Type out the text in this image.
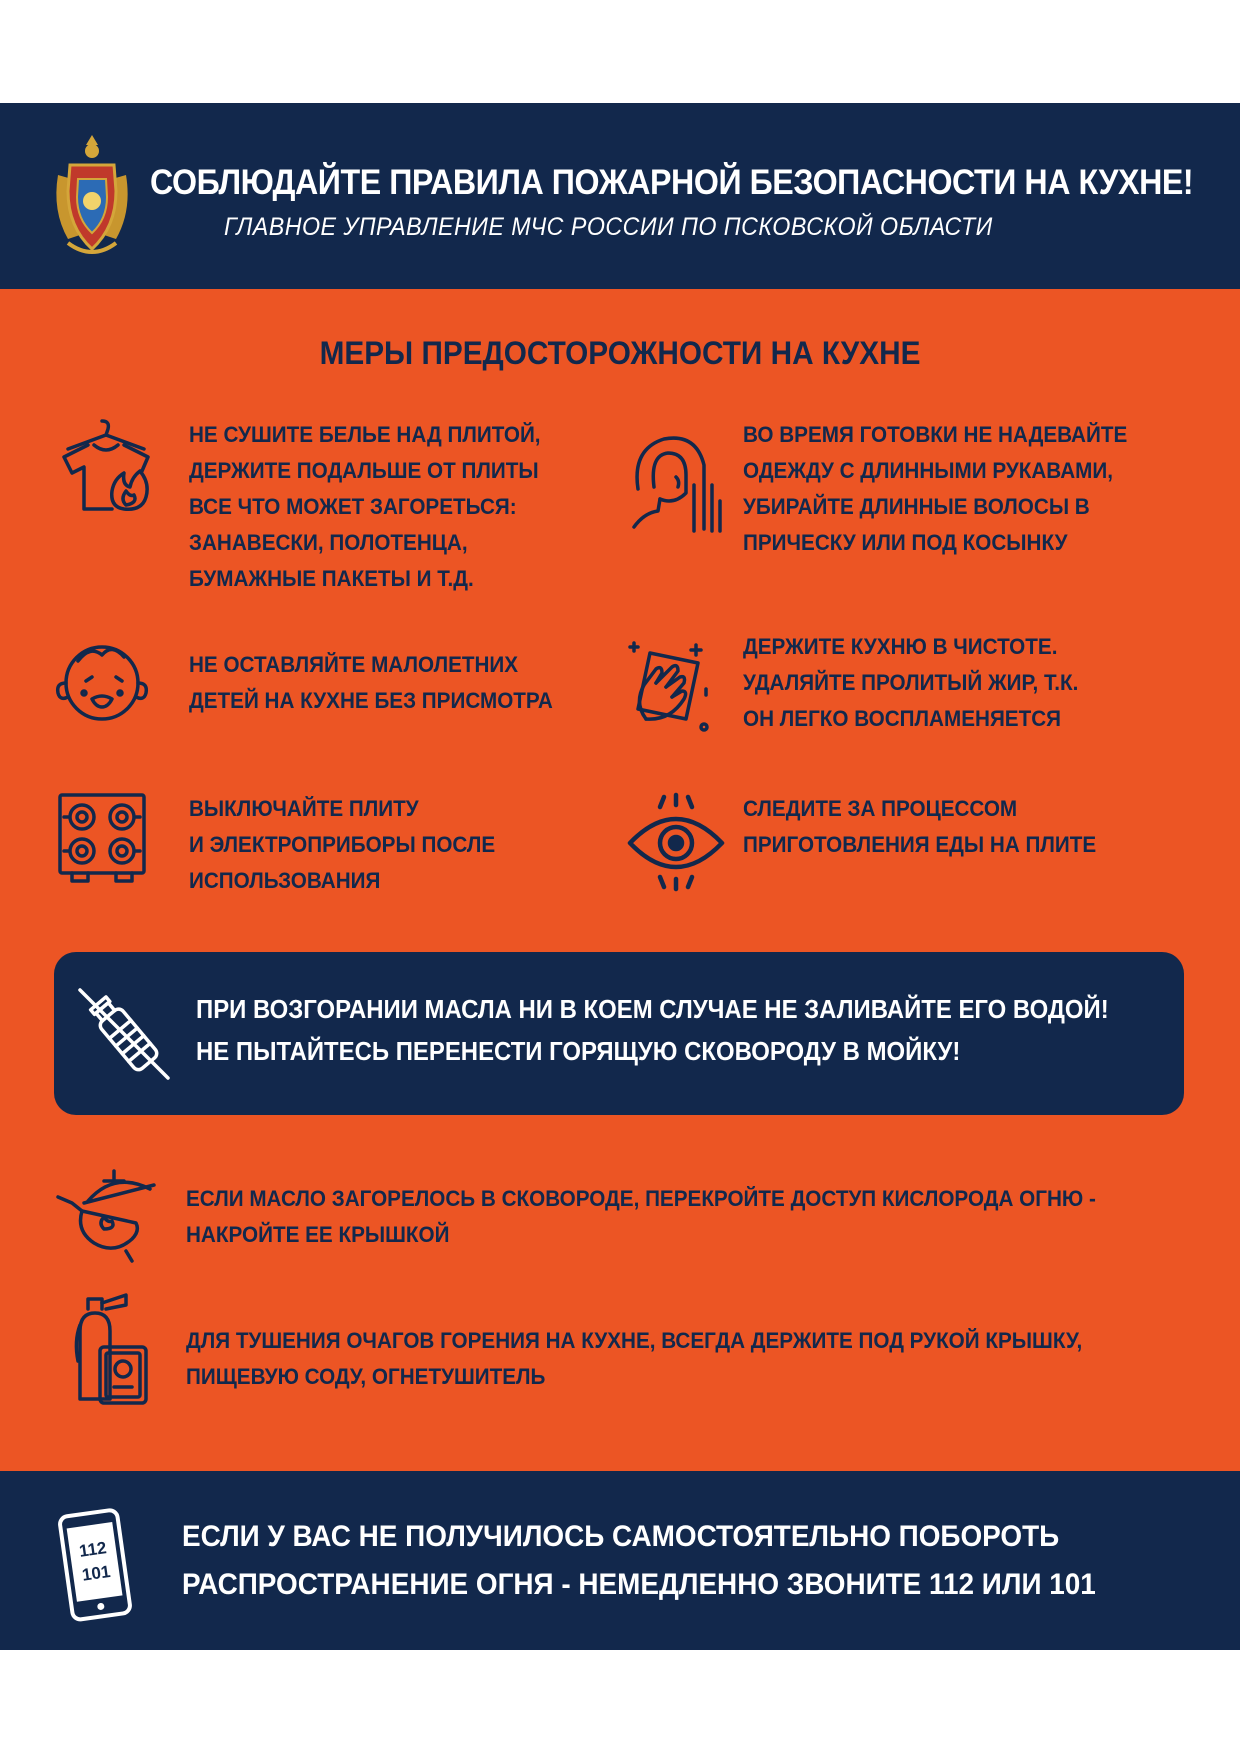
СОБЛЮДАЙТЕ ПРАВИЛА ПОЖАРНОЙ БЕЗОПАСНОСТИ НА КУХНЕ!
ГЛАВНОЕ УПРАВЛЕНИЕ МЧС РОССИИ ПО ПСКОВСКОЙ ОБЛАСТИ
МЕРЫ ПРЕДОСТОРОЖНОСТИ НА КУХНЕ
НЕ СУШИТЕ БЕЛЬЕ НАД ПЛИТОЙ,
ДЕРЖИТЕ ПОДАЛЬШЕ ОТ ПЛИТЫ
ВСЕ ЧТО МОЖЕТ ЗАГОРЕТЬСЯ:
ЗАНАВЕСКИ, ПОЛОТЕНЦА,
БУМАЖНЫЕ ПАКЕТЫ И Т.Д.
ВО ВРЕМЯ ГОТОВКИ НЕ НАДЕВАЙТЕ
ОДЕЖДУ С ДЛИННЫМИ РУКАВАМИ,
УБИРАЙТЕ ДЛИННЫЕ ВОЛОСЫ В
ПРИЧЕСКУ ИЛИ ПОД КОСЫНКУ
НЕ ОСТАВЛЯЙТЕ МАЛОЛЕТНИХ
ДЕТЕЙ НА КУХНЕ БЕЗ ПРИСМОТРА
ДЕРЖИТЕ КУХНЮ В ЧИСТОТЕ.
УДАЛЯЙТЕ ПРОЛИТЫЙ ЖИР, Т.К.
ОН ЛЕГКО ВОСПЛАМЕНЯЕТСЯ
ВЫКЛЮЧАЙТЕ ПЛИТУ
И ЭЛЕКТРОПРИБОРЫ ПОСЛЕ
ИСПОЛЬЗОВАНИЯ
СЛЕДИТЕ ЗА ПРОЦЕССОМ
ПРИГОТОВЛЕНИЯ ЕДЫ НА ПЛИТЕ
ПРИ ВОЗГОРАНИИ МАСЛА НИ В КОЕМ СЛУЧАЕ НЕ ЗАЛИВАЙТЕ ЕГО ВОДОЙ!
НЕ ПЫТАЙТЕСЬ ПЕРЕНЕСТИ ГОРЯЩУЮ СКОВОРОДУ В МОЙКУ!
ЕСЛИ МАСЛО ЗАГОРЕЛОСЬ В СКОВОРОДЕ, ПЕРЕКРОЙТЕ ДОСТУП КИСЛОРОДА ОГНЮ -
НАКРОЙТЕ ЕЕ КРЫШКОЙ
ДЛЯ ТУШЕНИЯ ОЧАГОВ ГОРЕНИЯ НА КУХНЕ, ВСЕГДА ДЕРЖИТЕ ПОД РУКОЙ КРЫШКУ,
ПИЩЕВУЮ СОДУ, ОГНЕТУШИТЕЛЬ
112
101
ЕСЛИ У ВАС НЕ ПОЛУЧИЛОСЬ САМОСТОЯТЕЛЬНО ПОБОРОТЬ
РАСПРОСТРАНЕНИЕ ОГНЯ - НЕМЕДЛЕННО ЗВОНИТЕ 112 ИЛИ 101
